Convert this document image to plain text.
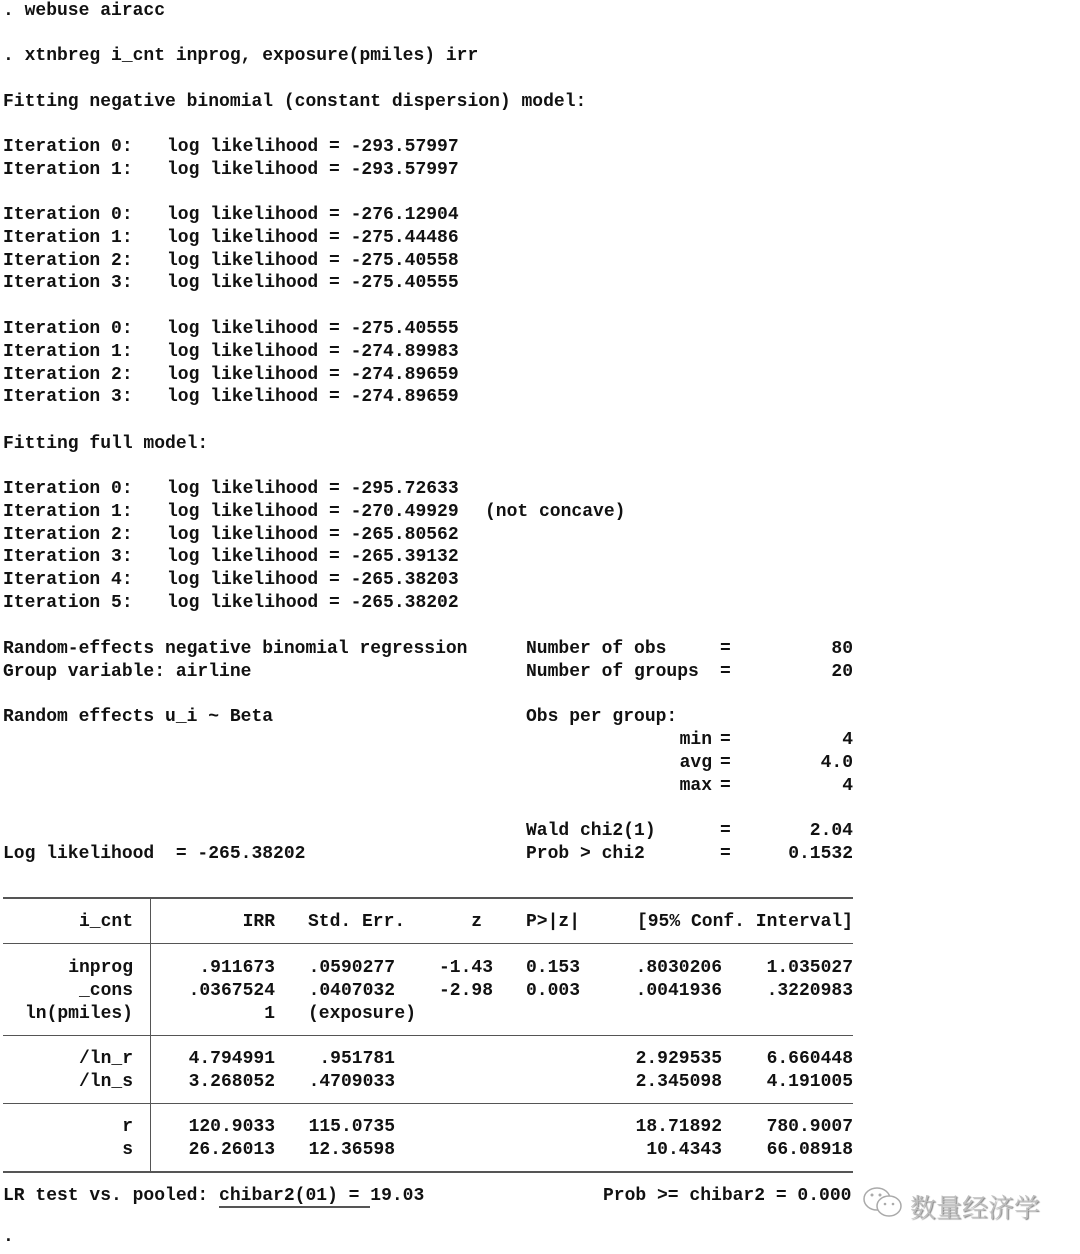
. webuse airacc
. xtnbreg i_cnt inprog, exposure(pmiles) irr
Fitting negative binomial (constant dispersion) model:
Iteration 0: log likelihood = -293.57997
Iteration 1: log likelihood = -293.57997
Iteration 0: log likelihood = -276.12904
Iteration 1: log likelihood = -275.44486
Iteration 2: log likelihood = -275.40558
Iteration 3: log likelihood = -275.40555
Iteration 0: log likelihood = -275.40555
Iteration 1: log likelihood = -274.89983
Iteration 2: log likelihood = -274.89659
Iteration 3: log likelihood = -274.89659
Iteration 0: log likelihood = -295.72633
Iteration 1: log likelihood = -270.49929 (not concave)
Iteration 2: log likelihood = -265.80562
Iteration 3: log likelihood = -265.39132
Iteration 4: log likelihood = -265.38203
Iteration 5: log likelihood = -265.38202
Fitting full model:
Random-effects negative binomial regression
Group variable: airline
Random effects u_i ~ Beta
Log likelihood  = -265.38202
Number of obs	=	80
Number of groups =	20
Obs per group:
min =	4
avg =	4.0
max =	4
Wald chi2(1)	=	2.04
Prob > chi2	=	0.1532
i_cnt	IRR Std. Err.	z P>|z|	[95% Conf. Interval]
inprog	.911673 .0590277 -1.43 0.153	.8030206 1.035027
_cons	.0367524 .0407032 -2.98 0.003	.0041936 .3220983
ln(pmiles)	1 (exposure)
/ln_r	4.794991 .951781	2.929535 6.660448
/ln_s	3.268052 .4709033	2.345098 4.191005
r	120.9033 115.0735	18.71892 780.9007
s	26.26013 12.36598	10.4343 66.08918
LR test vs. pooled: chibar2(01) = 19.03	Prob >= chibar2 = 0.000
.
数量经济学
